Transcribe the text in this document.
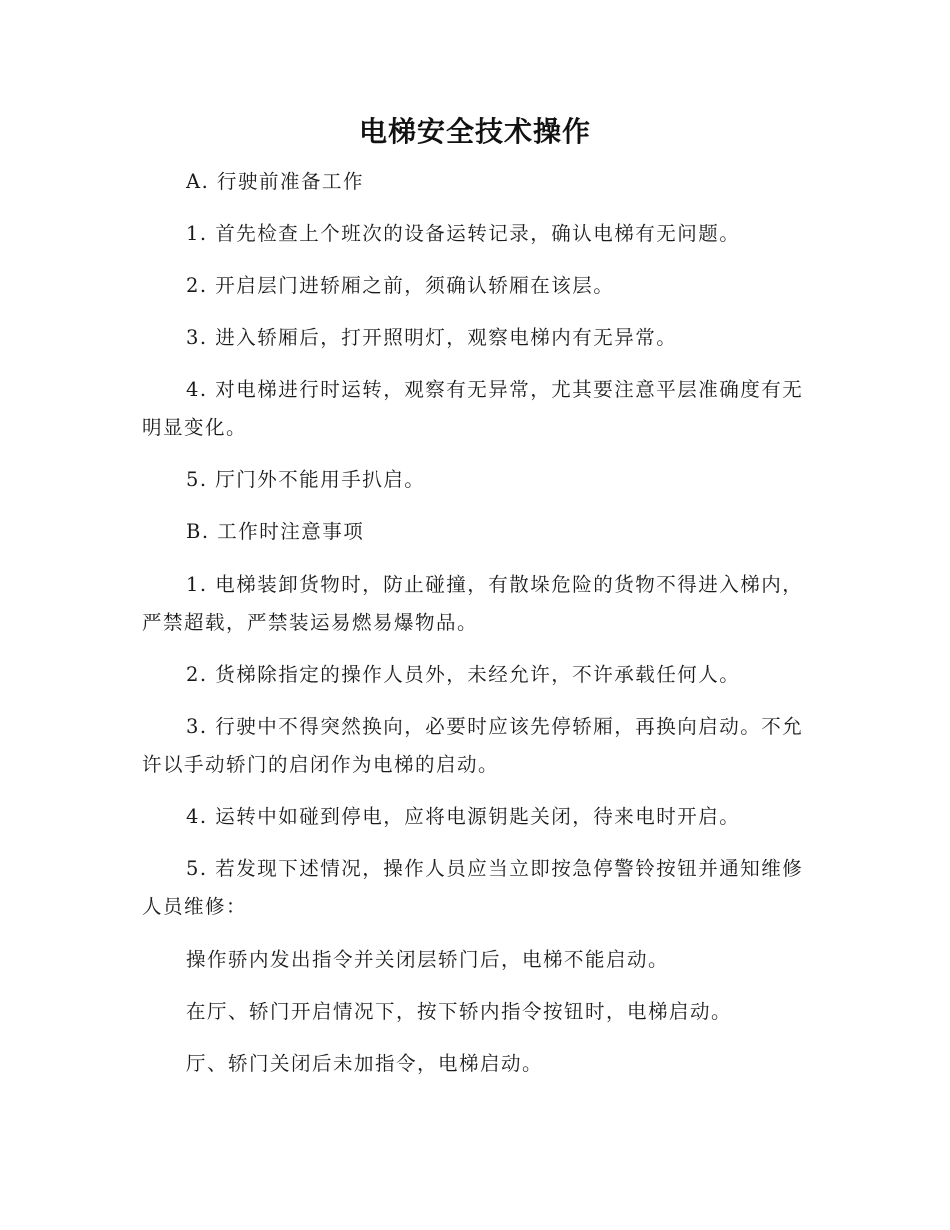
电梯安全技术操作
A. 行驶前准备工作
1. 首先检查上个班次的设备运转记录，确认电梯有无问题。
2. 开启层门进轿厢之前，须确认轿厢在该层。
3. 进入轿厢后，打开照明灯，观察电梯内有无异常。
4. 对电梯进行时运转，观察有无异常，尤其要注意平层准确度有无明显变化。
5. 厅门外不能用手扒启。
B. 工作时注意事项
1. 电梯装卸货物时，防止碰撞，有散垛危险的货物不得进入梯内，严禁超载，严禁装运易燃易爆物品。
2. 货梯除指定的操作人员外，未经允许，不许承载任何人。
3. 行驶中不得突然换向，必要时应该先停轿厢，再换向启动。不允许以手动轿门的启闭作为电梯的启动。
4. 运转中如碰到停电，应将电源钥匙关闭，待来电时开启。
5. 若发现下述情况，操作人员应当立即按急停警铃按钮并通知维修人员维修：
操作骄内发出指令并关闭层轿门后，电梯不能启动。
在厅、轿门开启情况下，按下轿内指令按钮时，电梯启动。
厅、轿门关闭后未加指令，电梯启动。
